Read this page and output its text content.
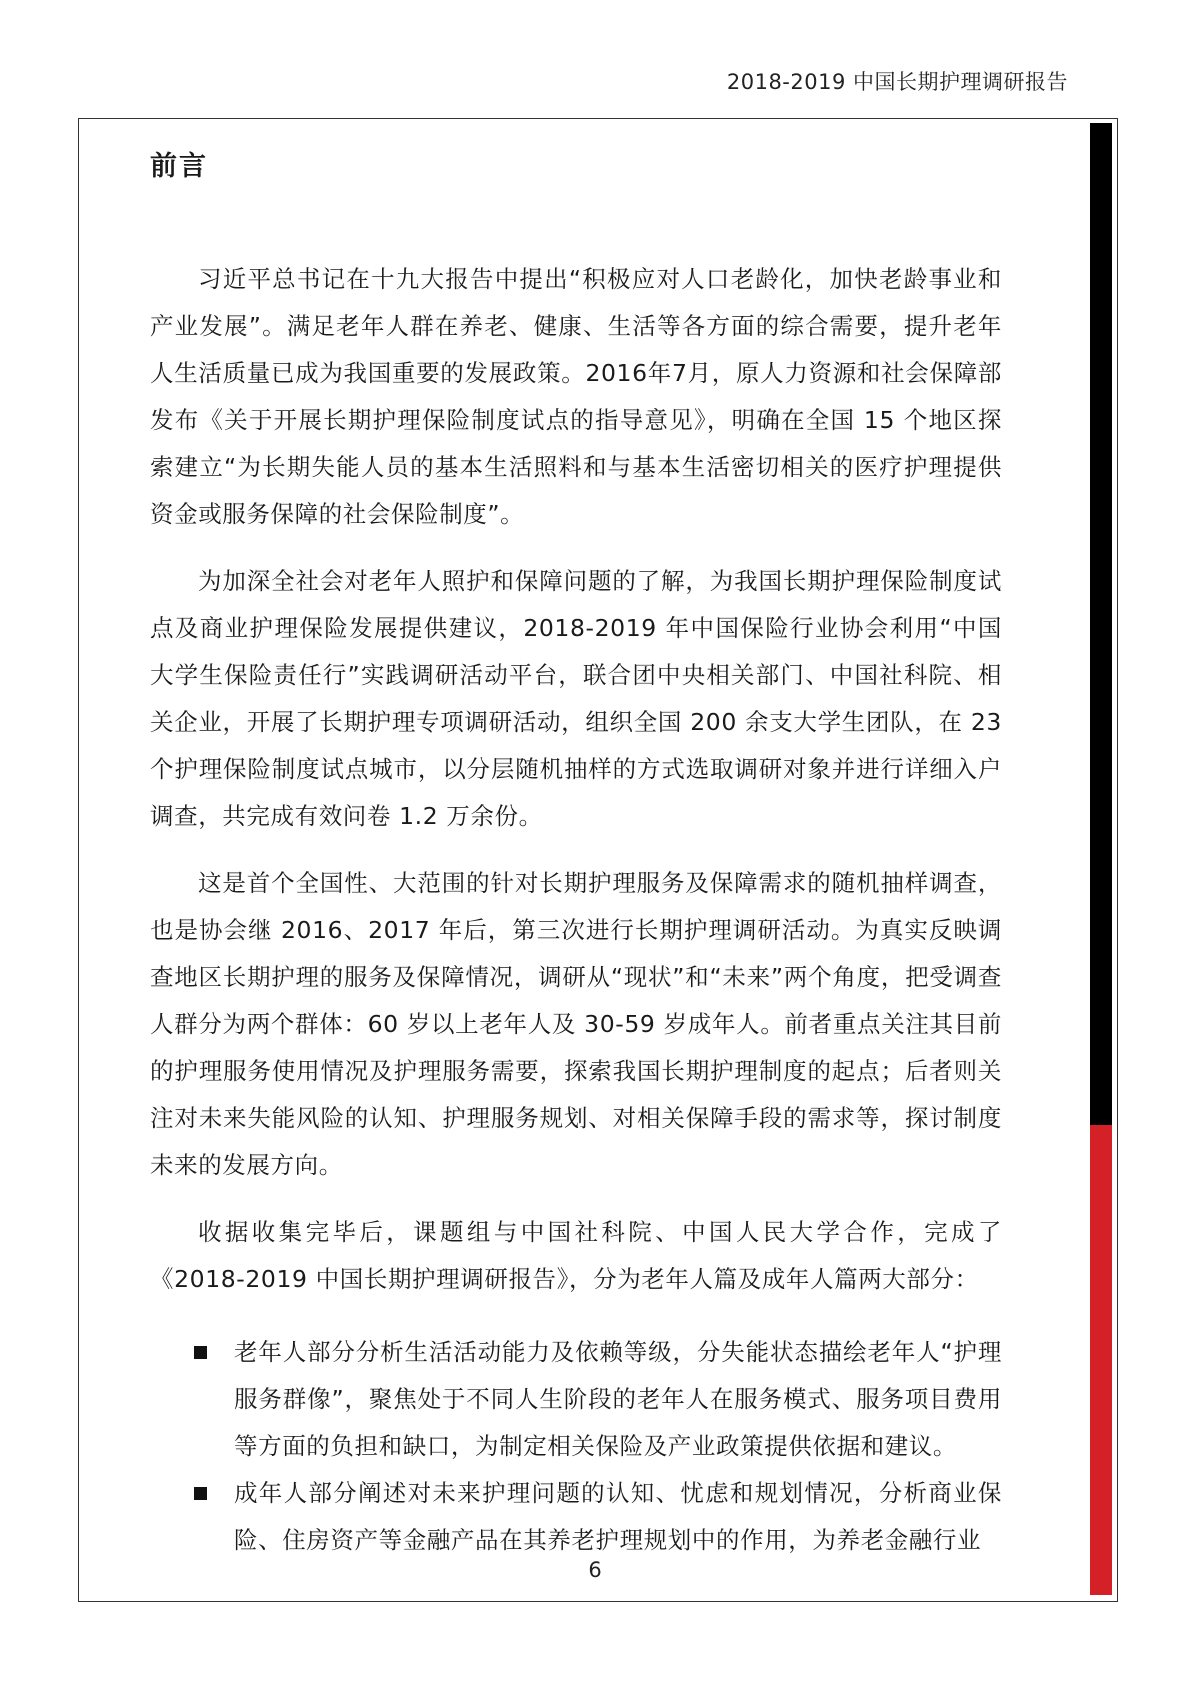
2018-2019 中国长期护理调研报告
前言

习近平总书记在十九大报告中提出“积极应对人口老龄化，加快老龄事业和产业发展”。满足老年人群在养老、健康、生活等各方面的综合需要，提升老年人生活质量已成为我国重要的发展政策。2016年7月，原人力资源和社会保障部发布《关于开展长期护理保险制度试点的指导意见》，明确在全国 15 个地区探索建立“为长期失能人员的基本生活照料和与基本生活密切相关的医疗护理提供资金或服务保障的社会保险制度”。

为加深全社会对老年人照护和保障问题的了解，为我国长期护理保险制度试点及商业护理保险发展提供建议，2018-2019 年中国保险行业协会利用“中国大学生保险责任行”实践调研活动平台，联合团中央相关部门、中国社科院、相关企业，开展了长期护理专项调研活动，组织全国 200 余支大学生团队，在 23 个护理保险制度试点城市，以分层随机抽样的方式选取调研对象并进行详细入户调查，共完成有效问卷 1.2 万余份。

这是首个全国性、大范围的针对长期护理服务及保障需求的随机抽样调查，也是协会继 2016、2017 年后，第三次进行长期护理调研活动。为真实反映调查地区长期护理的服务及保障情况，调研从“现状”和“未来”两个角度，把受调查人群分为两个群体：60 岁以上老年人及 30-59 岁成年人。前者重点关注其目前的护理服务使用情况及护理服务需要，探索我国长期护理制度的起点；后者则关注对未来失能风险的认知、护理服务规划、对相关保障手段的需求等，探讨制度未来的发展方向。

收据收集完毕后，课题组与中国社科院、中国人民大学合作，完成了《2018-2019 中国长期护理调研报告》，分为老年人篇及成年人篇两大部分：

老年人部分分析生活活动能力及依赖等级，分失能状态描绘老年人“护理服务群像”，聚焦处于不同人生阶段的老年人在服务模式、服务项目费用等方面的负担和缺口，为制定相关保险及产业政策提供依据和建议。
成年人部分阐述对未来护理问题的认知、忧虑和规划情况，分析商业保险、住房资产等金融产品在其养老护理规划中的作用，为养老金融行业
6
